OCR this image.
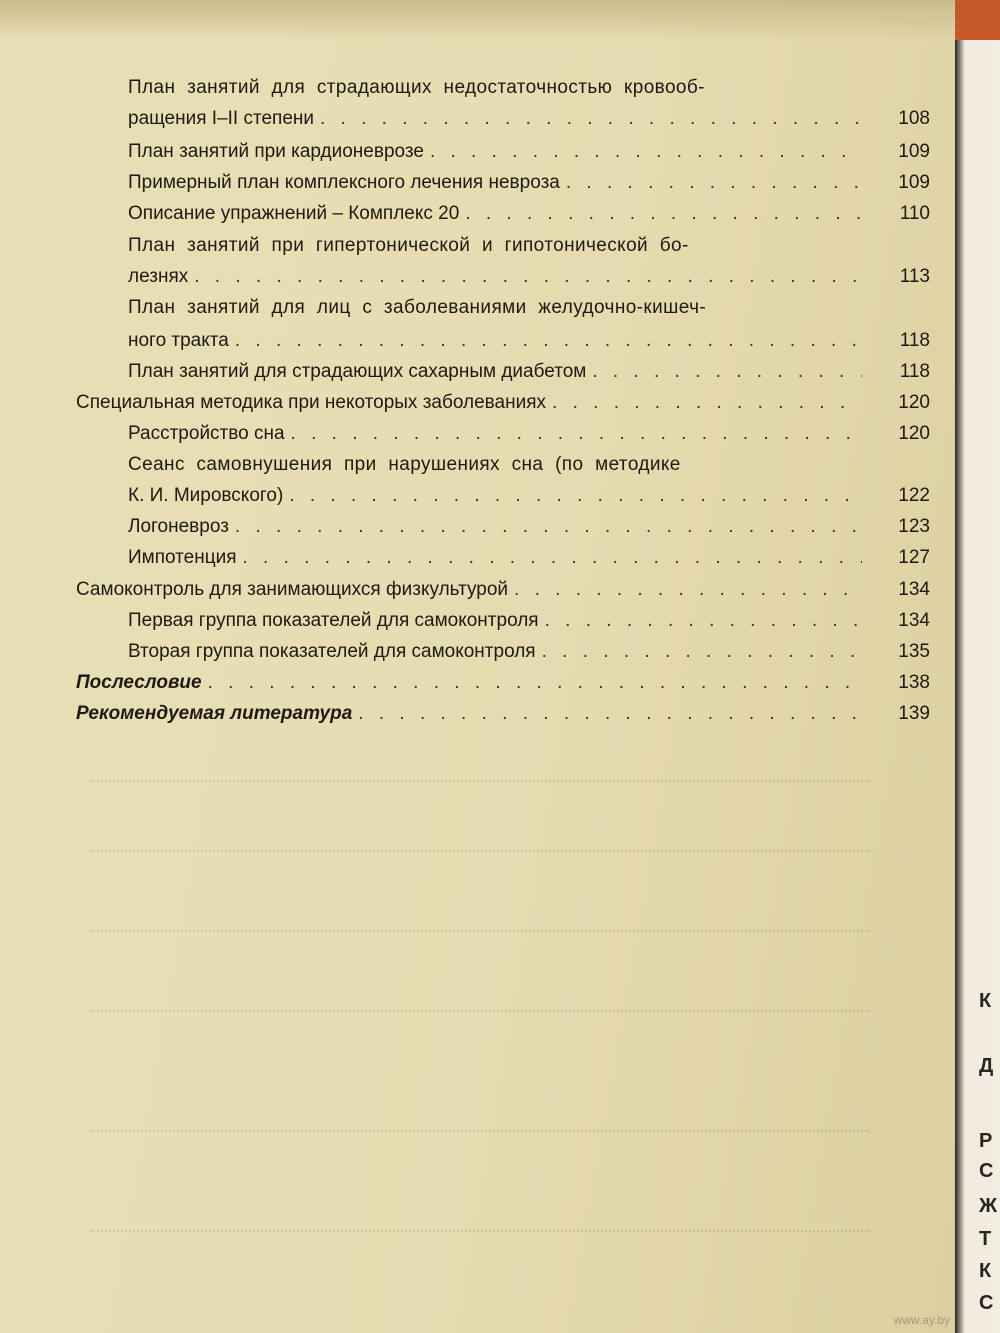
План занятий для страдающих недостаточностью кровооб-
108
ращения I–II степени
. . .
109
План занятий при кардионеврозе
. . .
109
Примерный план комплексного лечения невроза
. . .
110
Описание упражнений – Комплекс 20
. . .
План занятий при гипертонической и гипотонической бо-
113
лезнях
. . .
План занятий для лиц с заболеваниями желудочно-кишеч-
118
ного тракта
. . .
118
План занятий для страдающих сахарным диабетом
. . .
120
Специальная методика при некоторых заболеваниях
. . .
120
Расстройство сна
. . .
Сеанс самовнушения при нарушениях сна (по методике
122
К. И. Мировского)
. . .
123
Логоневроз
. . .
127
Импотенция
. . .
134
Самоконтроль для занимающихся физкультурой
. . .
134
Первая группа показателей для самоконтроля
. . .
135
Вторая группа показателей для самоконтроля
. . .
138
Послесловие
. . .
139
Рекомендуемая литература
. . .
К
Д
Р
С
Ж
Т
К
С
www.ay.by
